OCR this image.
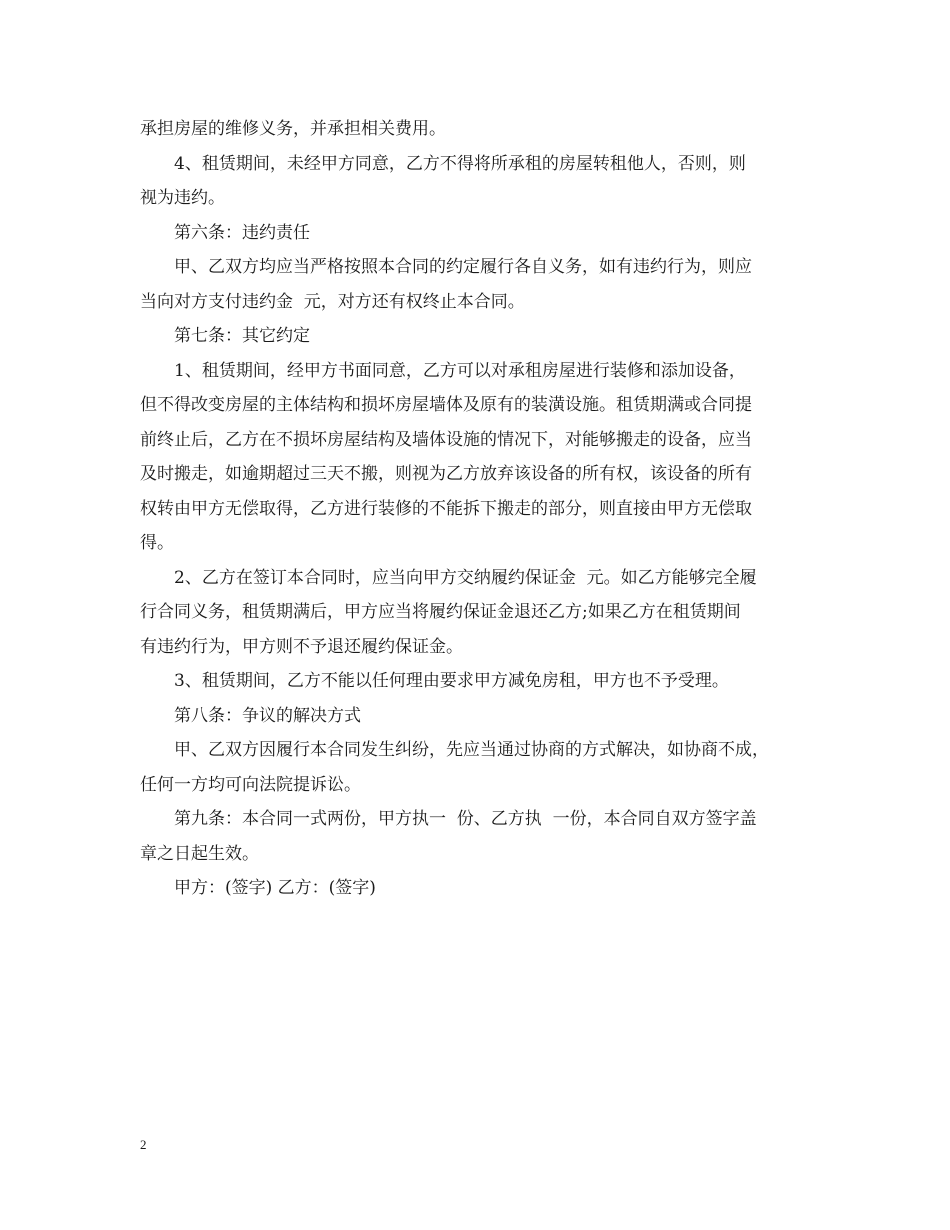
承担房屋的维修义务，并承担相关费用。

4、租赁期间，未经甲方同意，乙方不得将所承租的房屋转租他人，否则，则

视为违约。

第六条：违约责任

甲、乙双方均应当严格按照本合同的约定履行各自义务，如有违约行为，则应

当向对方支付违约金  元，对方还有权终止本合同。

第七条：其它约定

1、租赁期间，经甲方书面同意，乙方可以对承租房屋进行装修和添加设备，

但不得改变房屋的主体结构和损坏房屋墙体及原有的装潢设施。租赁期满或合同提

前终止后，乙方在不损坏房屋结构及墙体设施的情况下，对能够搬走的设备，应当

及时搬走，如逾期超过三天不搬，则视为乙方放弃该设备的所有权，该设备的所有

权转由甲方无偿取得，乙方进行装修的不能拆下搬走的部分，则直接由甲方无偿取

得。

2、乙方在签订本合同时，应当向甲方交纳履约保证金  元。如乙方能够完全履

行合同义务，租赁期满后，甲方应当将履约保证金退还乙方;如果乙方在租赁期间

有违约行为，甲方则不予退还履约保证金。

3、租赁期间，乙方不能以任何理由要求甲方减免房租，甲方也不予受理。

第八条：争议的解决方式

甲、乙双方因履行本合同发生纠纷，先应当通过协商的方式解决，如协商不成，

任何一方均可向法院提诉讼。

第九条：本合同一式两份，甲方执一  份、乙方执  一份，本合同自双方签字盖

章之日起生效。

甲方：(签字) 乙方：(签字)

2
